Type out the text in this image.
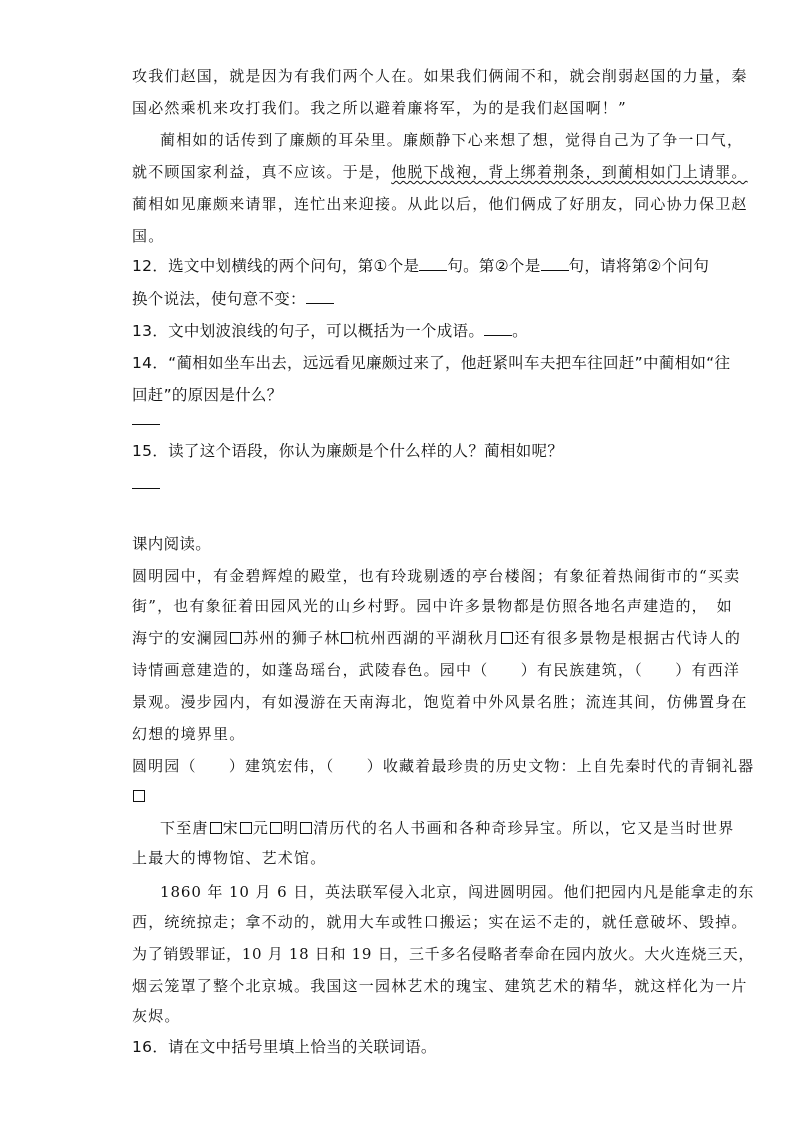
攻我们赵国，就是因为有我们两个人在。如果我们俩闹不和，就会削弱赵国的力量，秦
国必然乘机来攻打我们。我之所以避着廉将军，为的是我们赵国啊！”
蔺相如的话传到了廉颇的耳朵里。廉颇静下心来想了想，觉得自己为了争一口气，
就不顾国家利益，真不应该。于是，他脱下战袍，背上绑着荆条，到蔺相如门上请罪。
蔺相如见廉颇来请罪，连忙出来迎接。从此以后，他们俩成了好朋友，同心协力保卫赵
国。
12．选文中划横线的两个问句，第①个是 句。第②个是 句，请将第②个问句
换个说法，使句意不变：
13．文中划波浪线的句子，可以概括为一个成语。 。
14．“蔺相如坐车出去，远远看见廉颇过来了，他赶紧叫车夫把车往回赶”中蔺相如“往
回赶”的原因是什么？
15．读了这个语段，你认为廉颇是个什么样的人？蔺相如呢？
课内阅读。
圆明园中，有金碧辉煌的殿堂，也有玲珑剔透的亭台楼阁；有象征着热闹街市的“买卖
街”，也有象征着田园风光的山乡村野。园中许多景物都是仿照各地名声建造的，　如
海宁的安澜园 苏州的狮子林 杭州西湖的平湖秋月 还有很多景物是根据古代诗人的
诗情画意建造的，如蓬岛瑶台，武陵春色。园中（　　）有民族建筑，（　　）有西洋
景观。漫步园内，有如漫游在天南海北，饱览着中外风景名胜；流连其间，仿佛置身在
幻想的境界里。
圆明园（　　）建筑宏伟，（　　）收藏着最珍贵的历史文物：上自先秦时代的青铜礼器
下至唐 宋 元 明 清历代的名人书画和各种奇珍异宝。所以，它又是当时世界
上最大的博物馆、艺术馆。
1860 年 10 月 6 日，英法联军侵入北京，闯进圆明园。他们把园内凡是能拿走的东
西，统统掠走；拿不动的，就用大车或牲口搬运；实在运不走的，就任意破坏、毁掉。
为了销毁罪证，10 月 18 日和 19 日，三千多名侵略者奉命在园内放火。大火连烧三天，
烟云笼罩了整个北京城。我国这一园林艺术的瑰宝、建筑艺术的精华，就这样化为一片
灰烬。
16．请在文中括号里填上恰当的关联词语。
